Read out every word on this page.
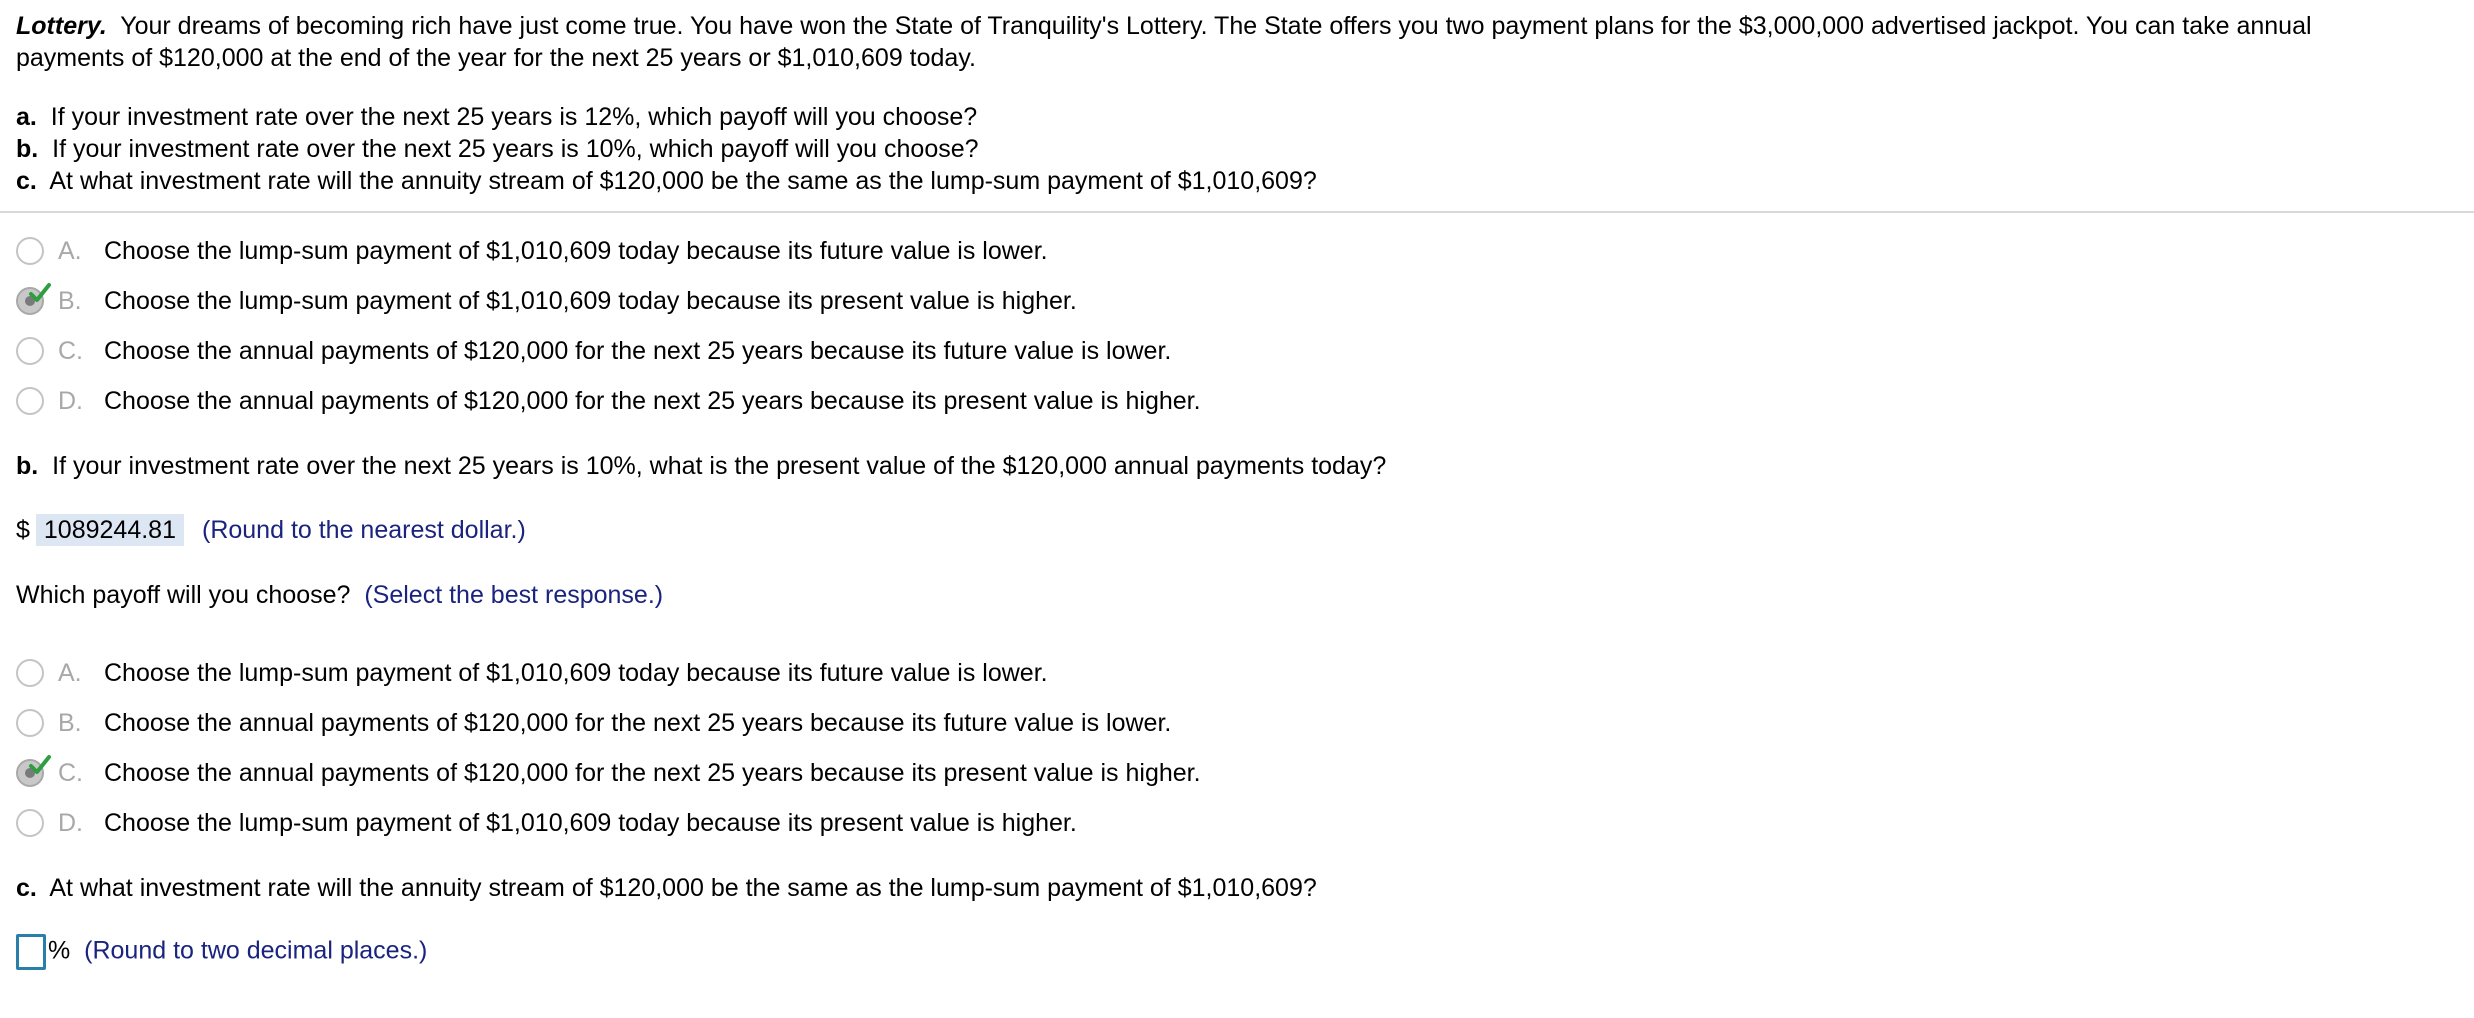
Lottery. Your dreams of becoming rich have just come true. You have won the State of Tranquility's Lottery. The State offers you two payment plans for the $3,000,000 advertised jackpot. You can take annual
payments of $120,000 at the end of the year for the next 25 years or $1,010,609 today.
a. If your investment rate over the next 25 years is 12%, which payoff will you choose?
b. If your investment rate over the next 25 years is 10%, which payoff will you choose?
c. At what investment rate will the annuity stream of $120,000 be the same as the lump-sum payment of $1,010,609?
A. Choose the lump-sum payment of $1,010,609 today because its future value is lower.
B. Choose the lump-sum payment of $1,010,609 today because its present value is higher.
C. Choose the annual payments of $120,000 for the next 25 years because its future value is lower.
D. Choose the annual payments of $120,000 for the next 25 years because its present value is higher.
b. If your investment rate over the next 25 years is 10%, what is the present value of the $120,000 annual payments today?
$ 1089244.81 (Round to the nearest dollar.)
Which payoff will you choose? (Select the best response.)
A. Choose the lump-sum payment of $1,010,609 today because its future value is lower.
B. Choose the annual payments of $120,000 for the next 25 years because its future value is lower.
C. Choose the annual payments of $120,000 for the next 25 years because its present value is higher.
D. Choose the lump-sum payment of $1,010,609 today because its present value is higher.
c. At what investment rate will the annuity stream of $120,000 be the same as the lump-sum payment of $1,010,609?
% (Round to two decimal places.)
